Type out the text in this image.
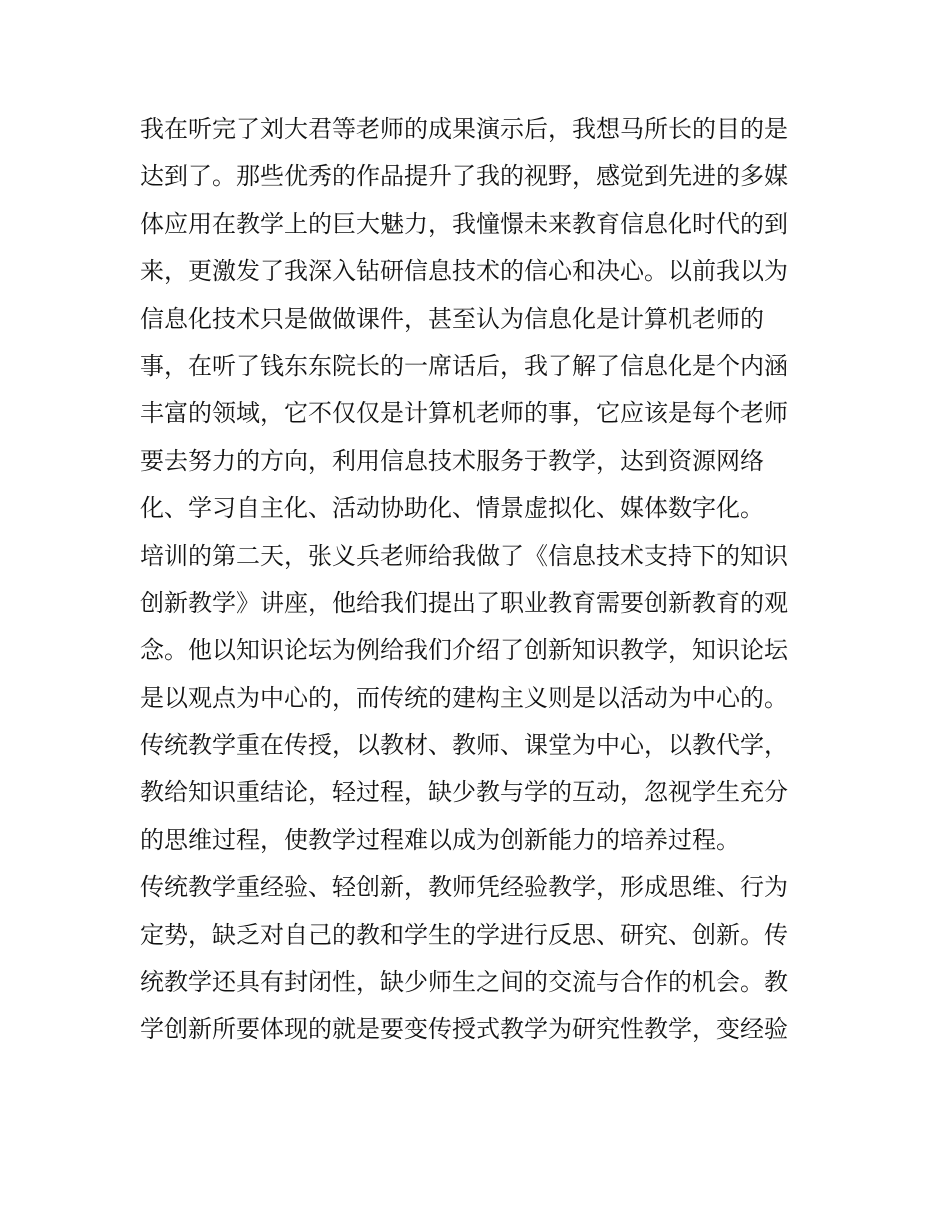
我在听完了刘大君等老师的成果演示后，我想马所长的目的是
达到了。那些优秀的作品提升了我的视野，感觉到先进的多媒
体应用在教学上的巨大魅力，我憧憬未来教育信息化时代的到
来，更激发了我深入钻研信息技术的信心和决心。以前我以为
信息化技术只是做做课件，甚至认为信息化是计算机老师的
事，在听了钱东东院长的一席话后，我了解了信息化是个内涵
丰富的领域，它不仅仅是计算机老师的事，它应该是每个老师
要去努力的方向，利用信息技术服务于教学，达到资源网络
化、学习自主化、活动协助化、情景虚拟化、媒体数字化。
培训的第二天，张义兵老师给我做了《信息技术支持下的知识
创新教学》讲座，他给我们提出了职业教育需要创新教育的观
念。他以知识论坛为例给我们介绍了创新知识教学，知识论坛
是以观点为中心的，而传统的建构主义则是以活动为中心的。
传统教学重在传授，以教材、教师、课堂为中心，以教代学，
教给知识重结论，轻过程，缺少教与学的互动，忽视学生充分
的思维过程，使教学过程难以成为创新能力的培养过程。
传统教学重经验、轻创新，教师凭经验教学，形成思维、行为
定势，缺乏对自己的教和学生的学进行反思、研究、创新。传
统教学还具有封闭性，缺少师生之间的交流与合作的机会。教
学创新所要体现的就是要变传授式教学为研究性教学，变经验
